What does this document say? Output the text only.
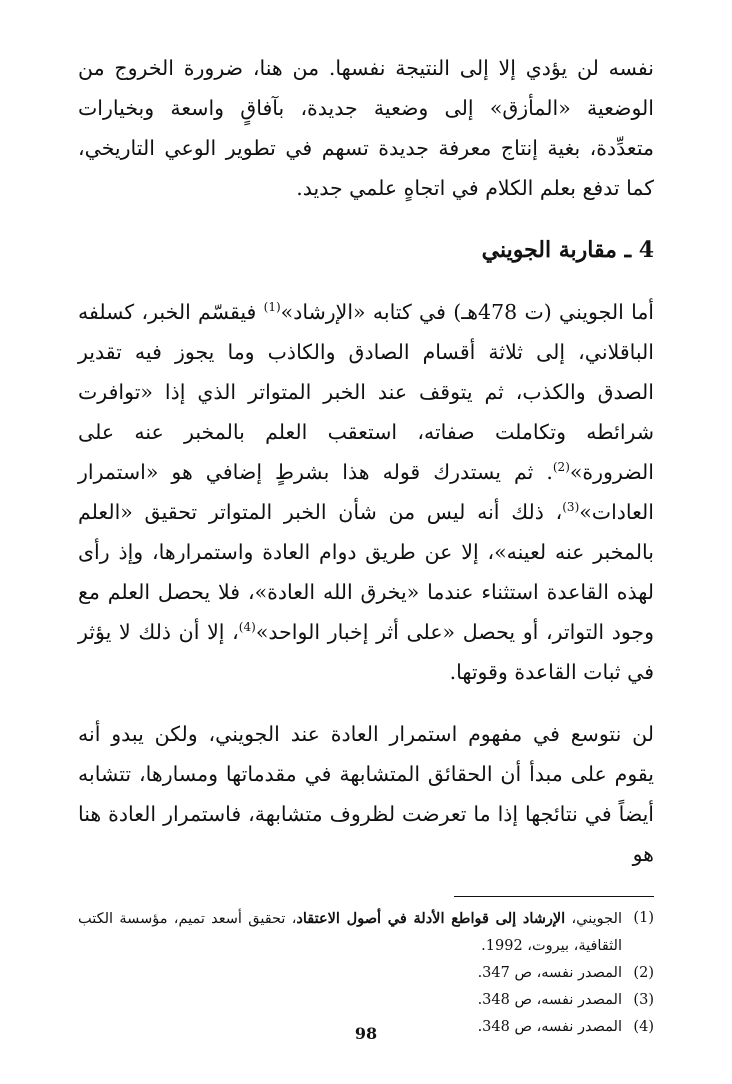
نفسه لن يؤدي إلا إلى النتيجة نفسها. من هنا، ضرورة الخروج من الوضعية «المأزق» إلى وضعية جديدة، بآفاقٍ واسعة وبخيارات متعدِّدة، بغية إنتاج معرفة جديدة تسهم في تطوير الوعي التاريخي، كما تدفع بعلم الكلام في اتجاهٍ علمي جديد.

4 ـ مقاربة الجويني

أما الجويني (ت 478هـ) في كتابه «الإرشاد»$^{(1)}$ فيقسّم الخبر، كسلفه الباقلاني، إلى ثلاثة أقسام الصادق والكاذب وما يجوز فيه تقدير الصدق والكذب، ثم يتوقف عند الخبر المتواتر الذي إذا «توافرت شرائطه وتكاملت صفاته، استعقب العلم بالمخبر عنه على الضرورة»$^{(2)}$. ثم يستدرك قوله هذا بشرطٍ إضافي هو «استمرار العادات»$^{(3)}$، ذلك أنه ليس من شأن الخبر المتواتر تحقيق «العلم بالمخبر عنه لعينه»، إلا عن طريق دوام العادة واستمرارها، وإذ رأى لهذه القاعدة استثناء عندما «يخرق الله العادة»، فلا يحصل العلم مع وجود التواتر، أو يحصل «على أثر إخبار الواحد»$^{(4)}$، إلا أن ذلك لا يؤثر في ثبات القاعدة وقوتها.

لن نتوسع في مفهوم استمرار العادة عند الجويني، ولكن يبدو أنه يقوم على مبدأ أن الحقائق المتشابهة في مقدماتها ومسارها، تتشابه أيضاً في نتائجها إذا ما تعرضت لظروف متشابهة، فاستمرار العادة هنا هو

(1)
الجويني، الإرشاد إلى قواطع الأدلة في أصول الاعتقاد، تحقيق أسعد تميم، مؤسسة الكتب الثقافية، بيروت، 1992.
(2)
المصدر نفسه، ص 347.
(3)
المصدر نفسه، ص 348.
(4)
المصدر نفسه، ص 348.
98
